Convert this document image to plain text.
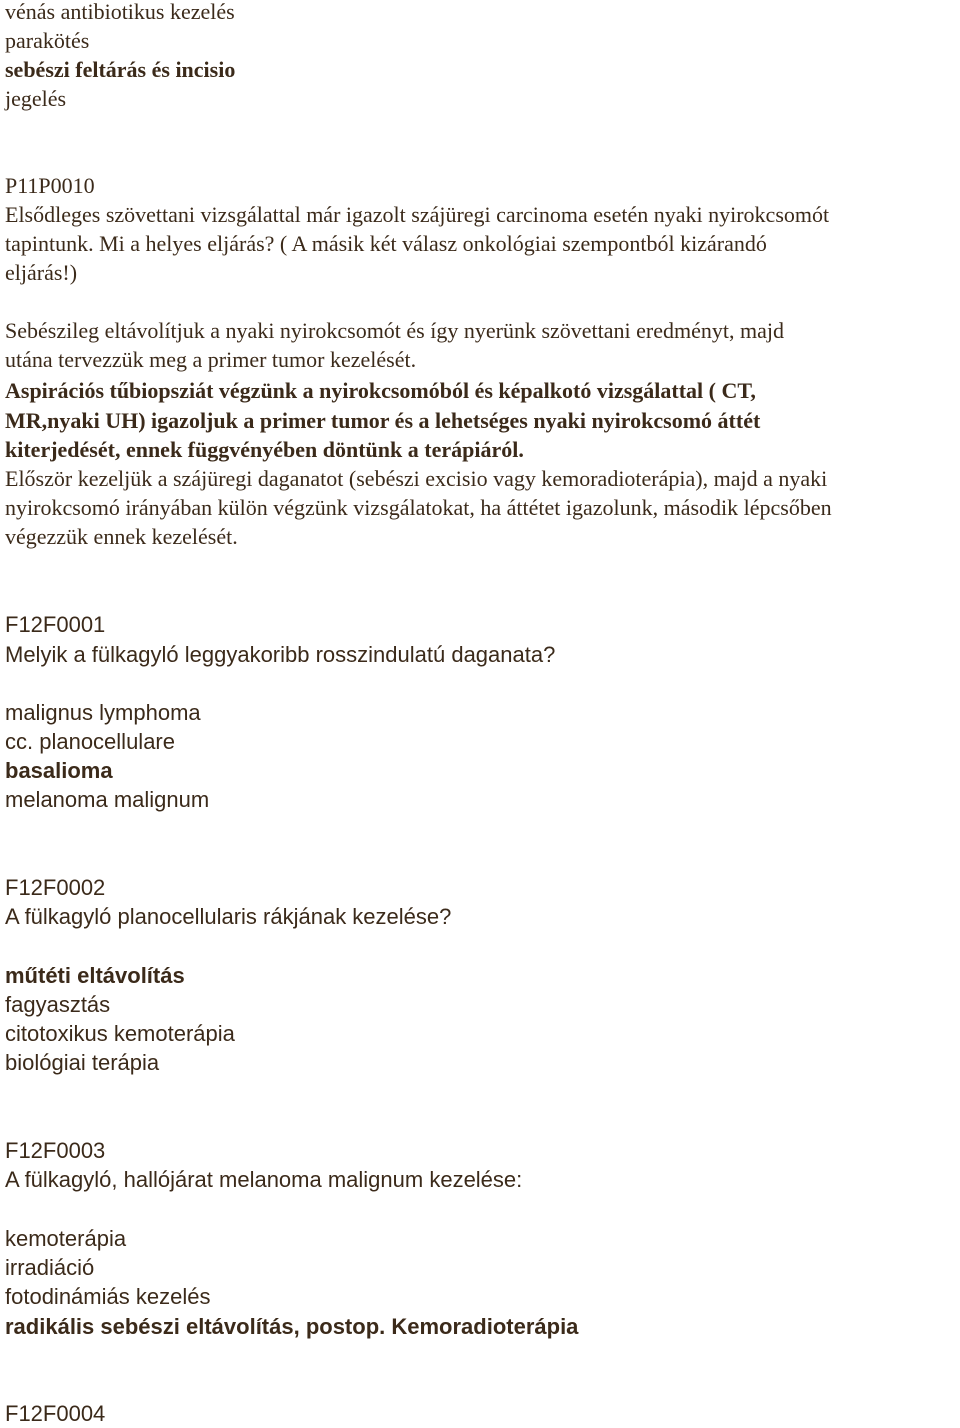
vénás antibiotikus kezelés
parakötés
sebészi feltárás és incisio
jegelés
P11P0010
Elsődleges szövettani vizsgálattal már igazolt szájüregi carcinoma esetén nyaki nyirokcsomót
tapintunk. Mi a helyes eljárás? ( A másik két válasz onkológiai szempontból kizárandó
eljárás!)
Sebészileg eltávolítjuk a nyaki nyirokcsomót és így nyerünk szövettani eredményt, majd
utána tervezzük meg a primer tumor kezelését.
Aspirációs tűbiopsziát végzünk a nyirokcsomóból és képalkotó vizsgálattal ( CT,
MR,nyaki UH) igazoljuk a primer tumor és a lehetséges nyaki nyirokcsomó áttét
kiterjedését, ennek függvényében döntünk a terápiáról.
Először kezeljük a szájüregi daganatot (sebészi excisio vagy kemoradioterápia), majd a nyaki
nyirokcsomó irányában külön végzünk vizsgálatokat, ha áttétet igazolunk, második lépcsőben
végezzük ennek kezelését.
F12F0001
Melyik a fülkagyló leggyakoribb rosszindulatú daganata?
malignus lymphoma
cc. planocellulare
basalioma
melanoma malignum
F12F0002
A fülkagyló planocellularis rákjának kezelése?
műtéti eltávolítás
fagyasztás
citotoxikus kemoterápia
biológiai terápia
F12F0003
A fülkagyló, hallójárat melanoma malignum kezelése:
kemoterápia
irradiáció
fotodinámiás kezelés
radikális sebészi eltávolítás, postop. Kemoradioterápia
F12F0004
